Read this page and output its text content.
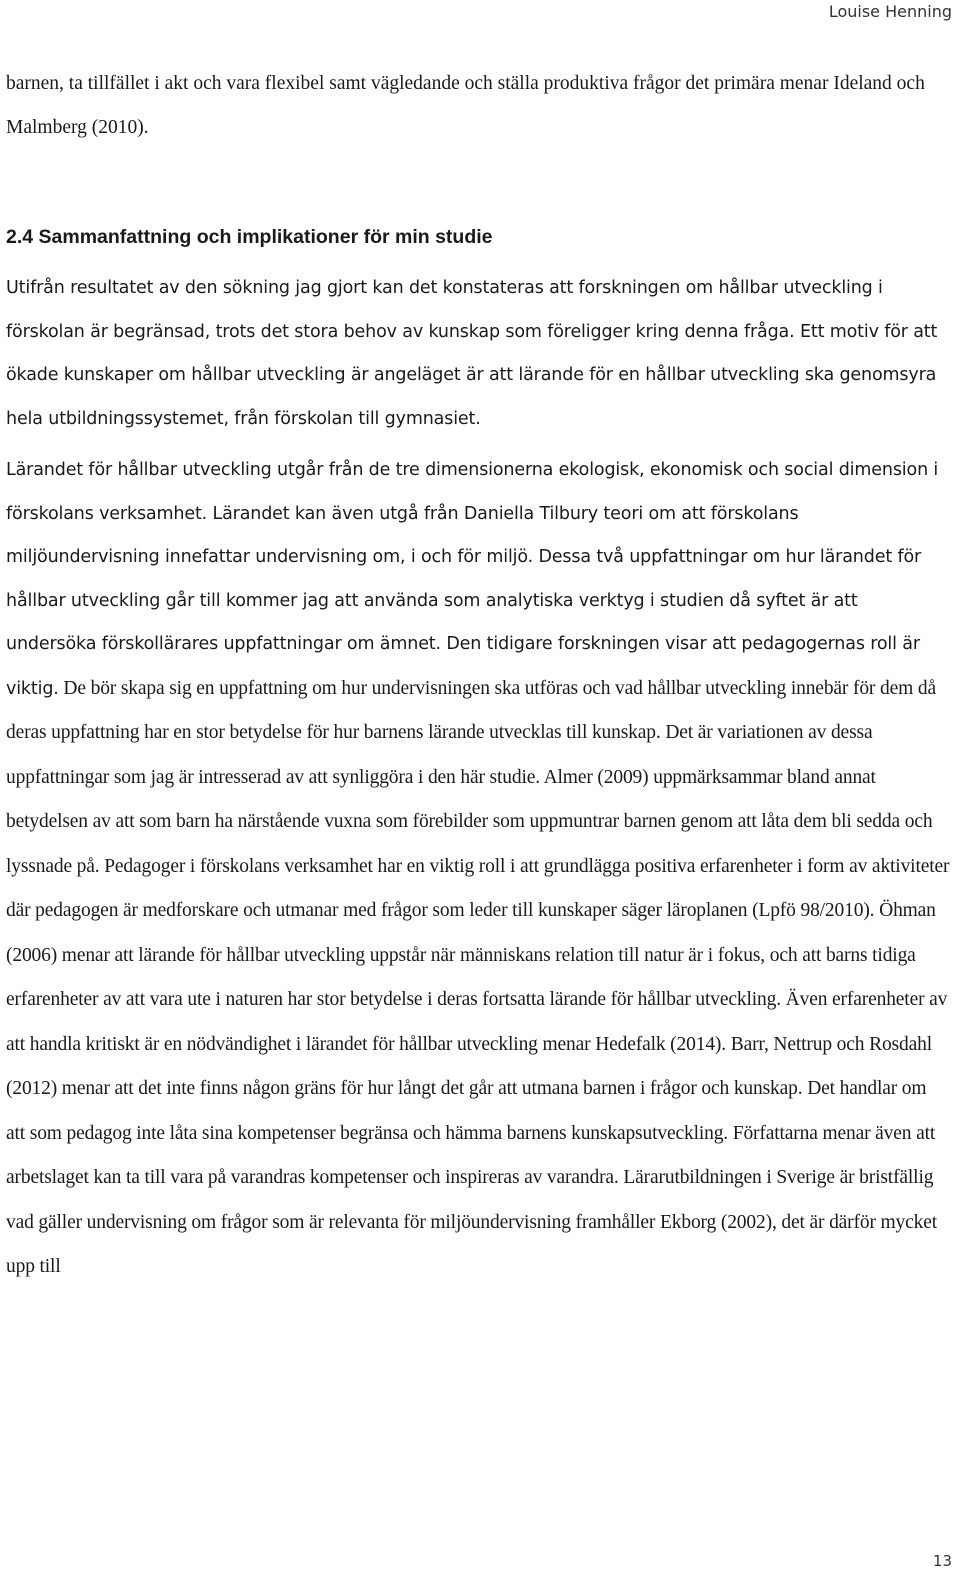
Louise Henning

barnen, ta tillfället i akt och vara flexibel samt vägledande och ställa produktiva frågor det primära menar Ideland och Malmberg (2010).

2.4 Sammanfattning och implikationer för min studie

Utifrån resultatet av den sökning jag gjort kan det konstateras att forskningen om hållbar utveckling i förskolan är begränsad, trots det stora behov av kunskap som föreligger kring denna fråga. Ett motiv för att ökade kunskaper om hållbar utveckling är angeläget är att lärande för en hållbar utveckling ska genomsyra hela utbildningssystemet, från förskolan till gymnasiet.

Lärandet för hållbar utveckling utgår från de tre dimensionerna ekologisk, ekonomisk och social dimension i förskolans verksamhet. Lärandet kan även utgå från Daniella Tilbury teori om att förskolans miljöundervisning innefattar undervisning om, i och för miljö. Dessa två uppfattningar om hur lärandet för hållbar utveckling går till kommer jag att använda som analytiska verktyg i studien då syftet är att undersöka förskollärares uppfattningar om ämnet. Den tidigare forskningen visar att pedagogernas roll är viktig. De bör skapa sig en uppfattning om hur undervisningen ska utföras och vad hållbar utveckling innebär för dem då deras uppfattning har en stor betydelse för hur barnens lärande utvecklas till kunskap. Det är variationen av dessa uppfattningar som jag är intresserad av att synliggöra i den här studie. Almer (2009) uppmärksammar bland annat betydelsen av att som barn ha närstående vuxna som förebilder som uppmuntrar barnen genom att låta dem bli sedda och lyssnade på. Pedagoger i förskolans verksamhet har en viktig roll i att grundlägga positiva erfarenheter i form av aktiviteter där pedagogen är medforskare och utmanar med frågor som leder till kunskaper säger läroplanen (Lpfö 98/2010). Öhman (2006) menar att lärande för hållbar utveckling uppstår när människans relation till natur är i fokus, och att barns tidiga erfarenheter av att vara ute i naturen har stor betydelse i deras fortsatta lärande för hållbar utveckling. Även erfarenheter av att handla kritiskt är en nödvändighet i lärandet för hållbar utveckling menar Hedefalk (2014). Barr, Nettrup och Rosdahl (2012) menar att det inte finns någon gräns för hur långt det går att utmana barnen i frågor och kunskap. Det handlar om att som pedagog inte låta sina kompetenser begränsa och hämma barnens kunskapsutveckling. Författarna menar även att arbetslaget kan ta till vara på varandras kompetenser och inspireras av varandra. Lärarutbildningen i Sverige är bristfällig vad gäller undervisning om frågor som är relevanta för miljöundervisning framhåller Ekborg (2002), det är därför mycket upp till

13
